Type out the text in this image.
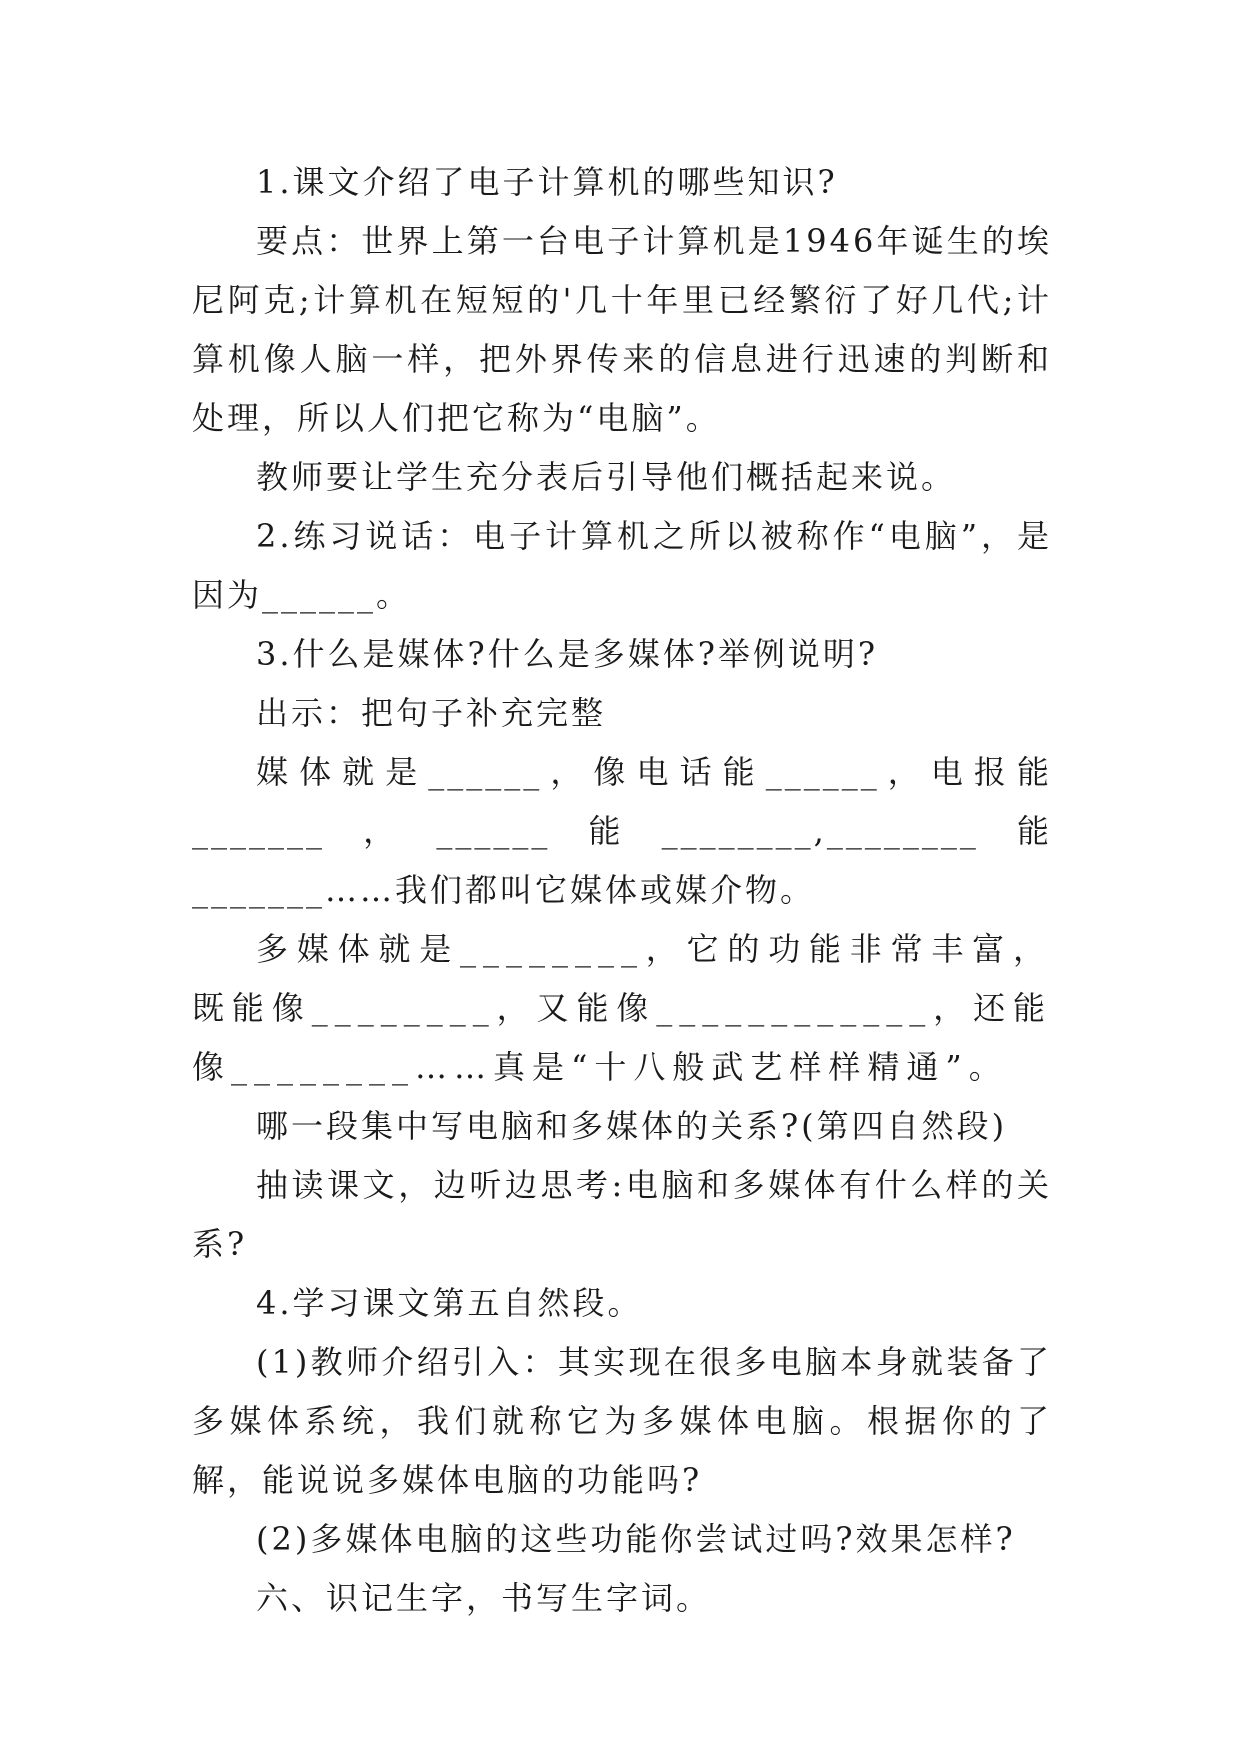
1.课文介绍了电子计算机的哪些知识?

要点：世界上第一台电子计算机是1946年诞生的埃尼阿克;计算机在短短的'几十年里已经繁衍了好几代;计算机像人脑一样，把外界传来的信息进行迅速的判断和处理，所以人们把它称为“电脑”。

教师要让学生充分表后引导他们概括起来说。

2.练习说话：电子计算机之所以被称作“电脑”，是因为______。

3.什么是媒体?什么是多媒体?举例说明?

出示：把句子补充完整

媒体就是______，像电话能______，电报能_______，______能________,________能_______……我们都叫它媒体或媒介物。

多媒体就是________，它的功能非常丰富，既能像________，又能像____________，还能像________……真是“十八般武艺样样精通”。

哪一段集中写电脑和多媒体的关系?(第四自然段)

抽读课文，边听边思考:电脑和多媒体有什么样的关系?

4.学习课文第五自然段。

(1)教师介绍引入：其实现在很多电脑本身就装备了多媒体系统，我们就称它为多媒体电脑。根据你的了解，能说说多媒体电脑的功能吗?

(2)多媒体电脑的这些功能你尝试过吗?效果怎样?

六、识记生字，书写生字词。
